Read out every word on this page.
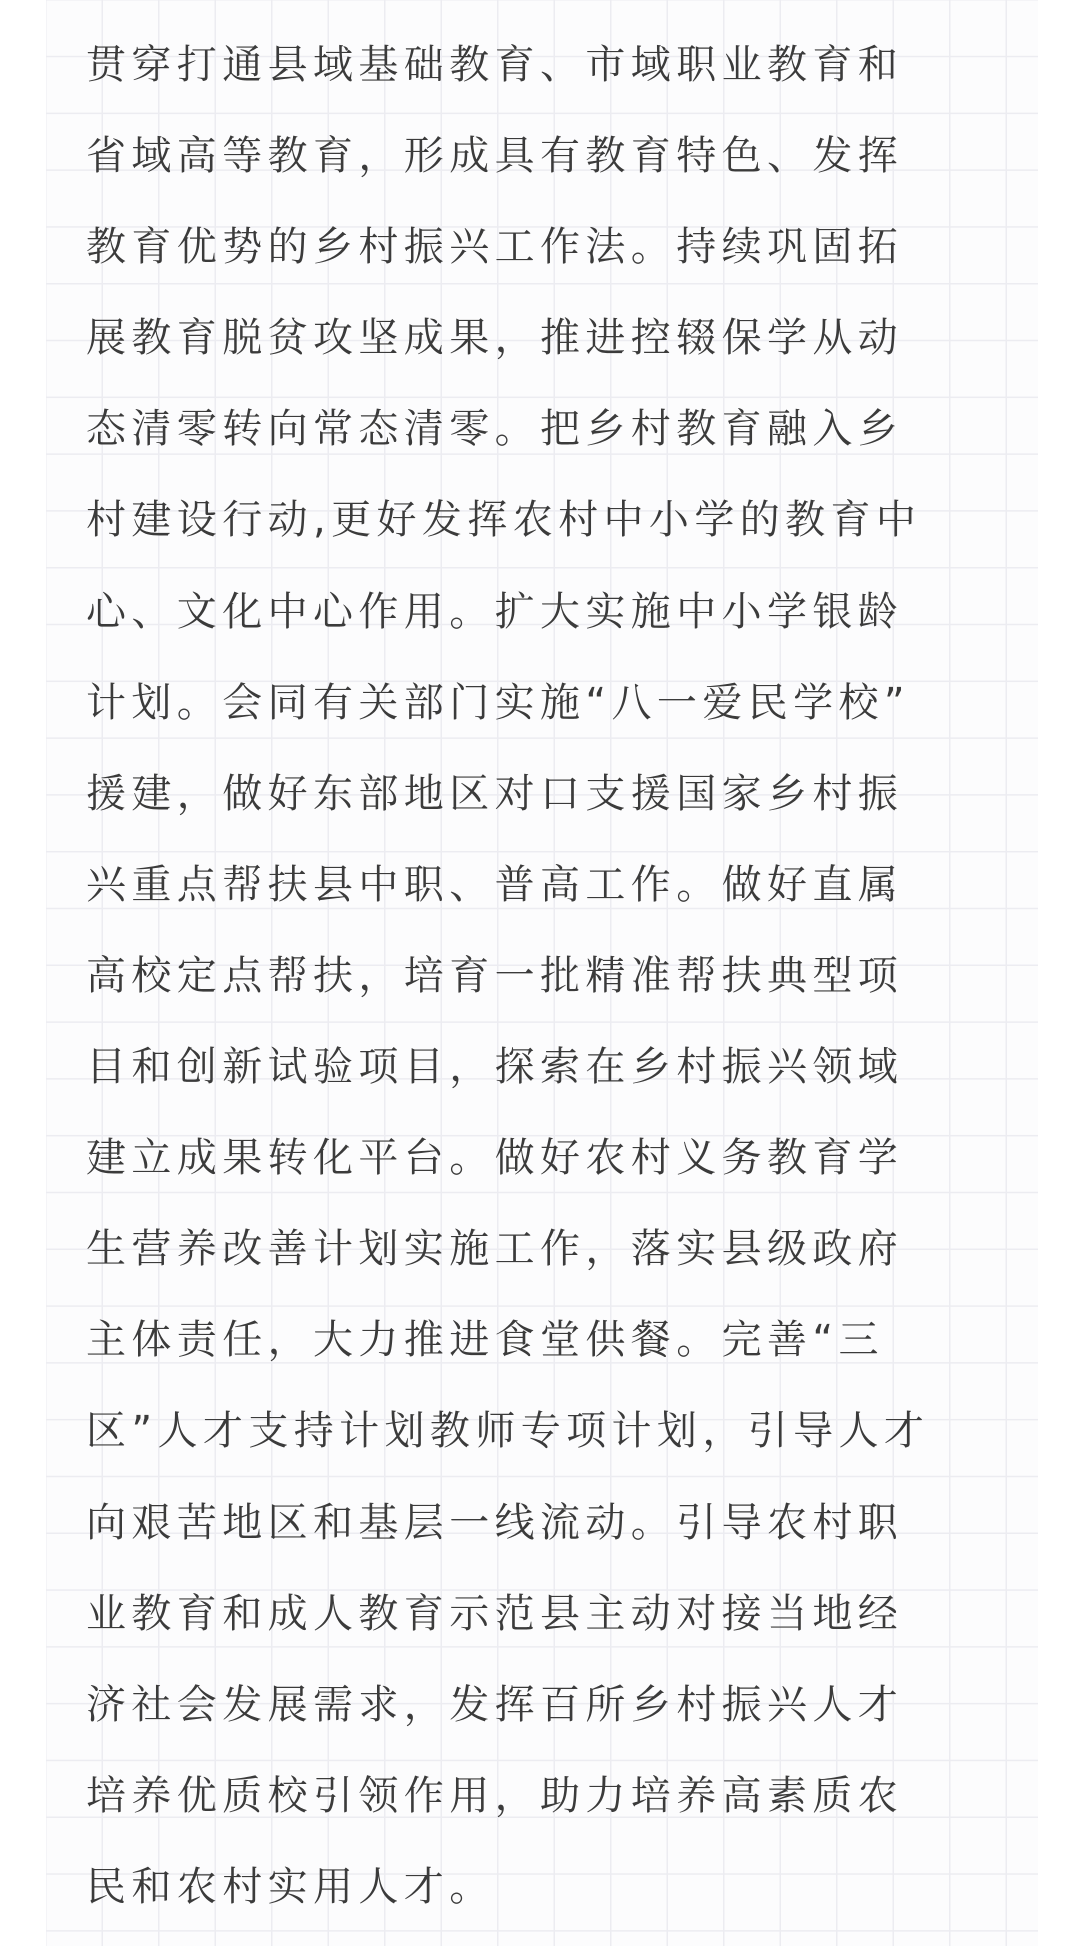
贯穿打通县域基础教育、市域职业教育和
省域高等教育，形成具有教育特色、发挥
教育优势的乡村振兴工作法。持续巩固拓
展教育脱贫攻坚成果，推进控辍保学从动
态清零转向常态清零。把乡村教育融入乡
村建设行动,更好发挥农村中小学的教育中
心、文化中心作用。扩大实施中小学银龄
计划。会同有关部门实施“八一爱民学校”
援建，做好东部地区对口支援国家乡村振
兴重点帮扶县中职、普高工作。做好直属
高校定点帮扶，培育一批精准帮扶典型项
目和创新试验项目，探索在乡村振兴领域
建立成果转化平台。做好农村义务教育学
生营养改善计划实施工作，落实县级政府
主体责任，大力推进食堂供餐。完善“三
区”人才支持计划教师专项计划，引导人才
向艰苦地区和基层一线流动。引导农村职
业教育和成人教育示范县主动对接当地经
济社会发展需求，发挥百所乡村振兴人才
培养优质校引领作用，助力培养高素质农
民和农村实用人才。
